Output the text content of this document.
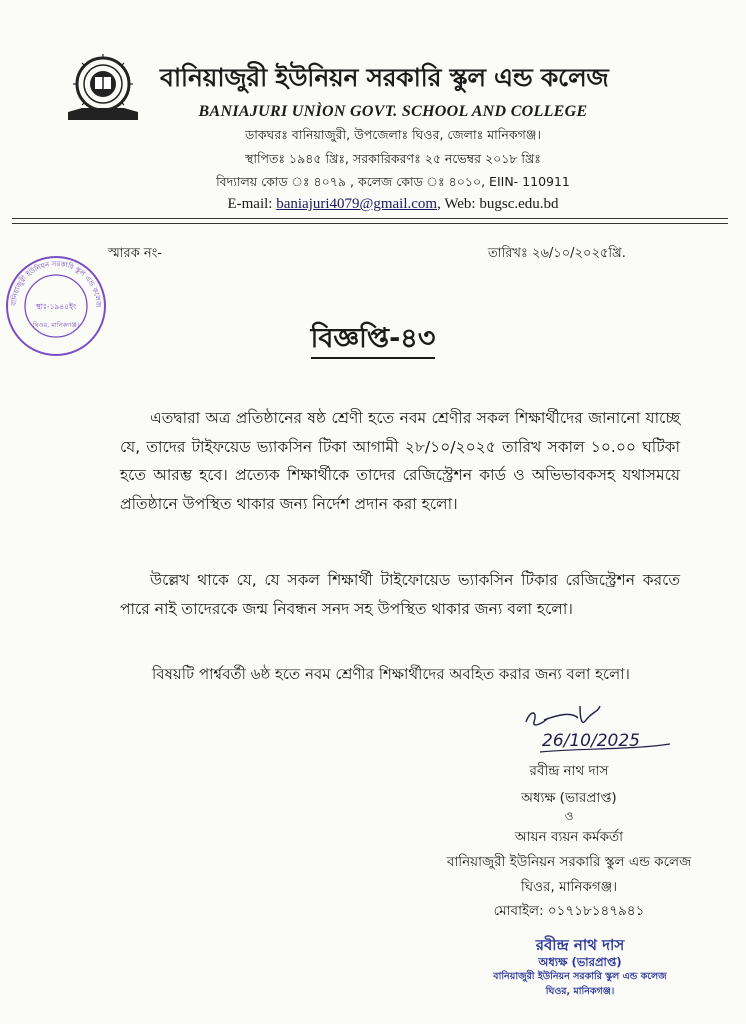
বানিয়াজুরী ইউনিয়ন সরকারি স্কুল এন্ড কলেজ
BANIAJURI UNÌON GOVT. SCHOOL AND COLLEGE
ডাকঘরঃ বানিয়াজুরী, উপজেলাঃ ঘিওর, জেলাঃ মানিকগঞ্জ।
স্থাপিতঃ ১৯৪৫ খ্রিঃ, সরকারিকরণঃ ২৫ নভেম্বর ২০১৮ খ্রিঃ
বিদ্যালয় কোড ঃ ৪০৭৯ , কলেজ কোড ঃ ৪০১০, EIIN- 110911
E-mail: baniajuri4079@gmail.com, Web: bugsc.edu.bd
স্মারক নং-	তারিখঃ ২৬/১০/২০২৫খ্রি.
বানিয়াজুরী ইউনিয়ন সরকারি স্কুল এন্ড কলেজ
স্থাঃ-১৯৪৫ইং
ঘিওর, মানিকগঞ্জ।	বিজ্ঞপ্তি-৪৩
এতদ্বারা অত্র প্রতিষ্ঠানের ষষ্ঠ শ্রেণী হতে নবম শ্রেণীর সকল শিক্ষার্থীদের জানানো যাচ্ছে যে, তাদের টাইফয়েড ভ্যাকসিন টিকা আগামী ২৮/১০/২০২৫ তারিখ সকাল ১০.০০ ঘটিকা হতে আরম্ভ হবে। প্রত্যেক শিক্ষার্থীকে তাদের রেজিস্ট্রেশন কার্ড ও অভিভাবকসহ যথাসময়ে প্রতিষ্ঠানে উপস্থিত থাকার জন্য নির্দেশ প্রদান করা হলো।
উল্লেখ থাকে যে, যে সকল শিক্ষার্থী টাইফোয়েড ভ্যাকসিন টিকার রেজিস্ট্রেশন করতে পারে নাই তাদেরকে জন্ম নিবন্ধন সনদ সহ উপস্থিত থাকার জন্য বলা হলো।
বিষয়টি পার্শ্ববর্তী ৬ষ্ঠ হতে নবম শ্রেণীর শিক্ষার্থীদের অবহিত করার জন্য বলা হলো।
26/10/2025
রবীন্দ্র নাথ দাস
অধ্যক্ষ (ভারপ্রাপ্ত)
ও
আয়ন ব্যয়ন কর্মকর্তা
বানিয়াজুরী ইউনিয়ন সরকারি স্কুল এন্ড কলেজ
ঘিওর, মানিকগঞ্জ।
মোবাইল: ০১৭১৮১৪৭৯৪১
রবীন্দ্র নাথ দাস
অধ্যক্ষ (ভারপ্রাপ্ত)
বানিয়াজুরী ইউনিয়ন সরকারি স্কুল এন্ড কলেজ
ঘিওর, মানিকগঞ্জ।
